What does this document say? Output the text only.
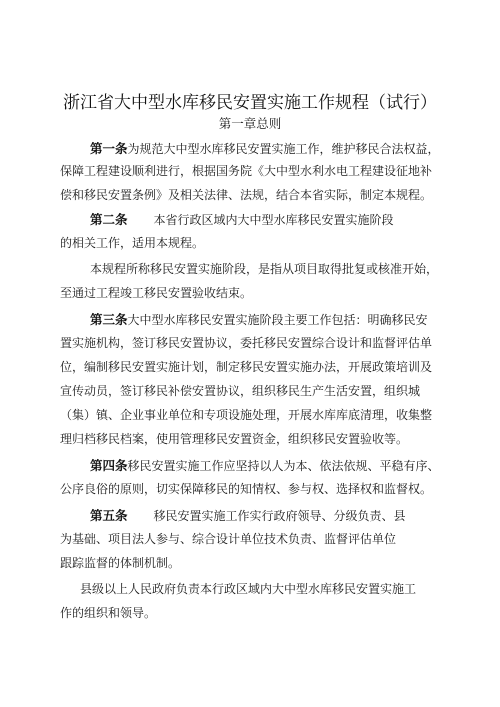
浙江省大中型水库移民安置实施工作规程（试行）
第一章总则
第一条为规范大中型水库移民安置实施工作，维护移民合法权益，
保障工程建设顺利进行，根据国务院《大中型水利水电工程建设征地补
偿和移民安置条例》及相关法律、法规，结合本省实际，制定本规程。
第二条 本省行政区域内大中型水库移民安置实施阶段
的相关工作，适用本规程。
本规程所称移民安置实施阶段，是指从项目取得批复或核准开始，
至通过工程竣工移民安置验收结束。
第三条大中型水库移民安置实施阶段主要工作包括：明确移民安
置实施机构，签订移民安置协议，委托移民安置综合设计和监督评估单
位，编制移民安置实施计划，制定移民安置实施办法，开展政策培训及
宣传动员，签订移民补偿安置协议，组织移民生产生活安置，组织城
（集）镇、企业事业单位和专项设施处理，开展水库库底清理，收集整
理归档移民档案，使用管理移民安置资金，组织移民安置验收等。
第四条移民安置实施工作应坚持以人为本、依法依规、平稳有序、
公序良俗的原则，切实保障移民的知情权、参与权、选择权和监督权。
第五条 移民安置实施工作实行政府领导、分级负责、县
为基础、项目法人参与、综合设计单位技术负责、监督评估单位
跟踪监督的体制机制。
县级以上人民政府负责本行政区域内大中型水库移民安置实施工
作的组织和领导。
